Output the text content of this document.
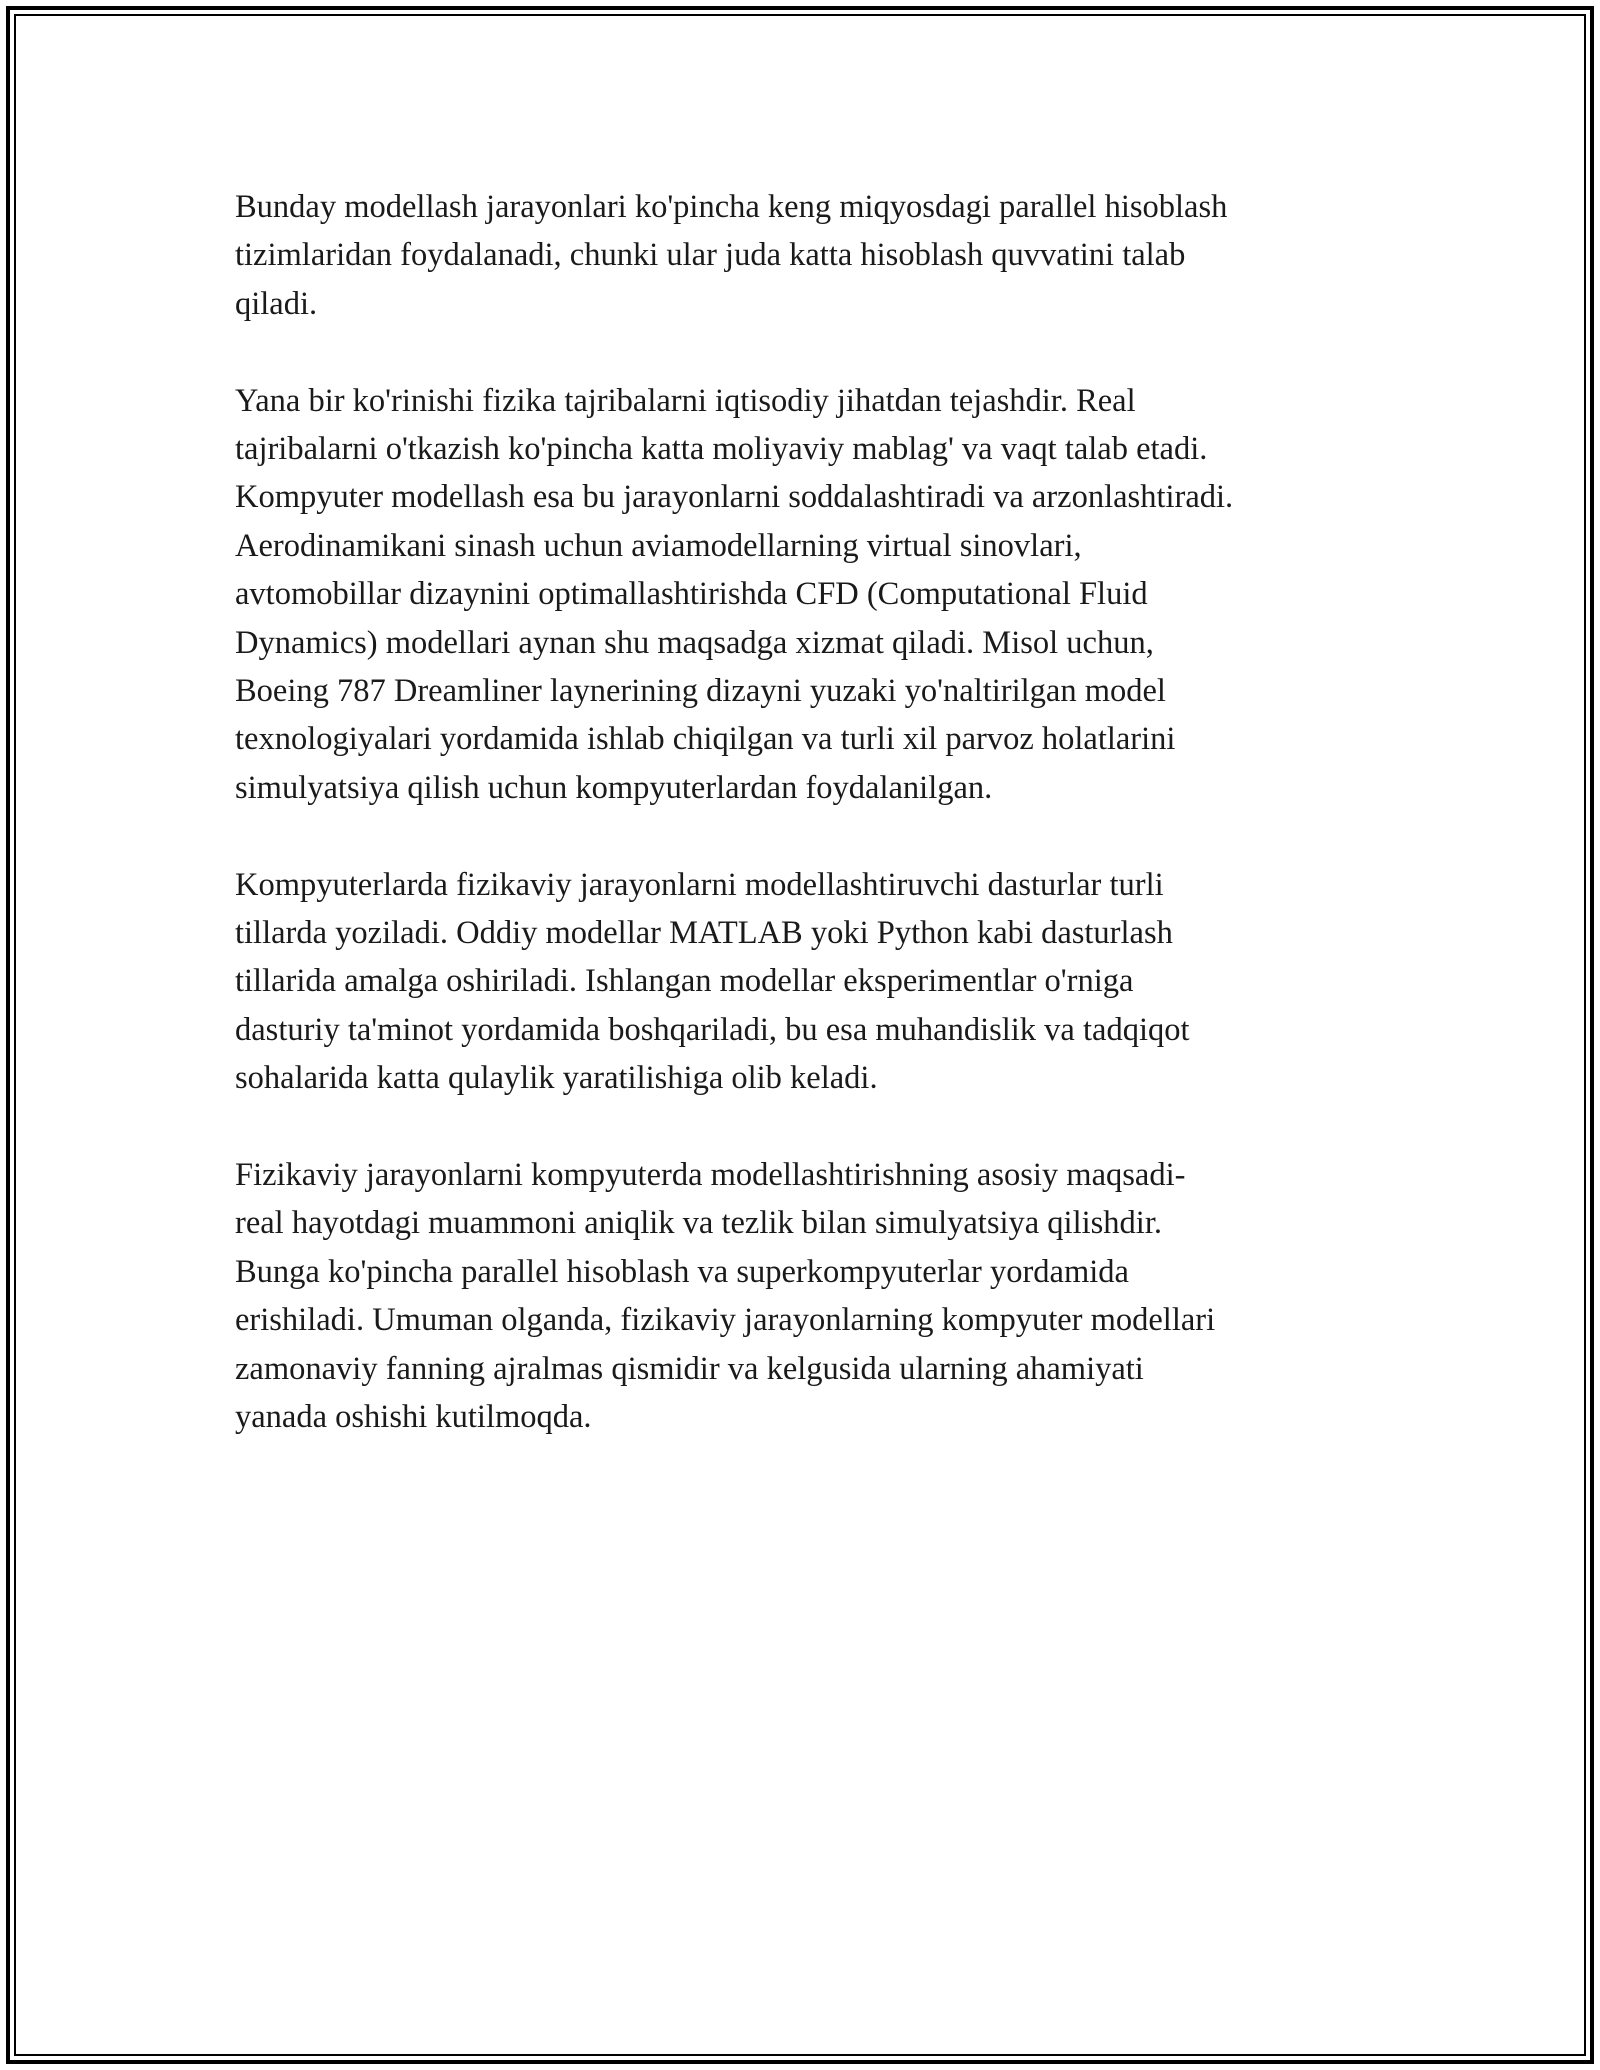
Bunday modellash jarayonlari ko'pincha keng miqyosdagi parallel hisoblash
tizimlaridan foydalanadi, chunki ular juda katta hisoblash quvvatini talab
qiladi.

Yana bir ko'rinishi fizika tajribalarni iqtisodiy jihatdan tejashdir. Real
tajribalarni o'tkazish ko'pincha katta moliyaviy mablag' va vaqt talab etadi.
Kompyuter modellash esa bu jarayonlarni soddalashtiradi va arzonlashtiradi.
Aerodinamikani sinash uchun aviamodellarning virtual sinovlari,
avtomobillar dizaynini optimallashtirishda CFD (Computational Fluid
Dynamics) modellari aynan shu maqsadga xizmat qiladi. Misol uchun,
Boeing 787 Dreamliner laynerining dizayni yuzaki yo'naltirilgan model
texnologiyalari yordamida ishlab chiqilgan va turli xil parvoz holatlarini
simulyatsiya qilish uchun kompyuterlardan foydalanilgan.

Kompyuterlarda fizikaviy jarayonlarni modellashtiruvchi dasturlar turli
tillarda yoziladi. Oddiy modellar MATLAB yoki Python kabi dasturlash
tillarida amalga oshiriladi. Ishlangan modellar eksperimentlar o'rniga
dasturiy ta'minot yordamida boshqariladi, bu esa muhandislik va tadqiqot
sohalarida katta qulaylik yaratilishiga olib keladi.

Fizikaviy jarayonlarni kompyuterda modellashtirishning asosiy maqsadi-
real hayotdagi muammoni aniqlik va tezlik bilan simulyatsiya qilishdir.
Bunga ko'pincha parallel hisoblash va superkompyuterlar yordamida
erishiladi. Umuman olganda, fizikaviy jarayonlarning kompyuter modellari
zamonaviy fanning ajralmas qismidir va kelgusida ularning ahamiyati
yanada oshishi kutilmoqda.
